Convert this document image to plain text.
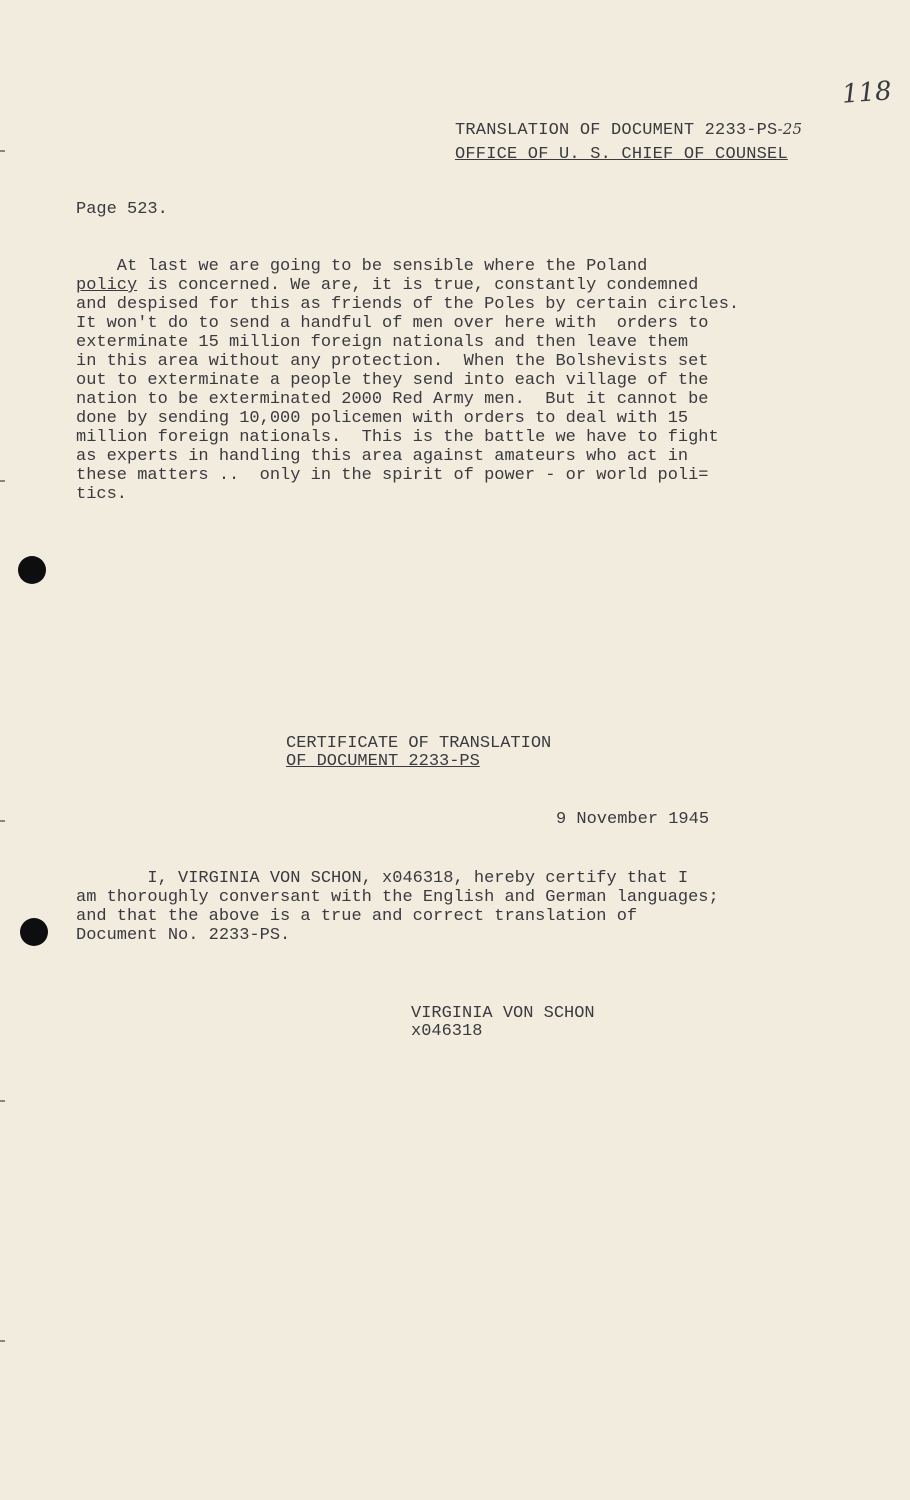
118

TRANSLATION OF DOCUMENT 2233-PS-25

OFFICE OF U. S. CHIEF OF COUNSEL

Page 523.

At last we are going to be sensible where the Poland
policy is concerned. We are, it is true, constantly condemned
and despised for this as friends of the Poles by certain circles.
It won't do to send a handful of men over here with  orders to
exterminate 15 million foreign nationals and then leave them
in this area without any protection.  When the Bolshevists set
out to exterminate a people they send into each village of the
nation to be exterminated 2000 Red Army men.  But it cannot be
done by sending 10,000 policemen with orders to deal with 15
million foreign nationals.  This is the battle we have to fight
as experts in handling this area against amateurs who act in
these matters ..  only in the spirit of power - or world poli=
tics.

CERTIFICATE OF TRANSLATION

OF DOCUMENT 2233-PS

9 November 1945

I, VIRGINIA VON SCHON, x046318, hereby certify that I
am thoroughly conversant with the English and German languages;
and that the above is a true and correct translation of
Document No. 2233-PS.

VIRGINIA VON SCHON

x046318
